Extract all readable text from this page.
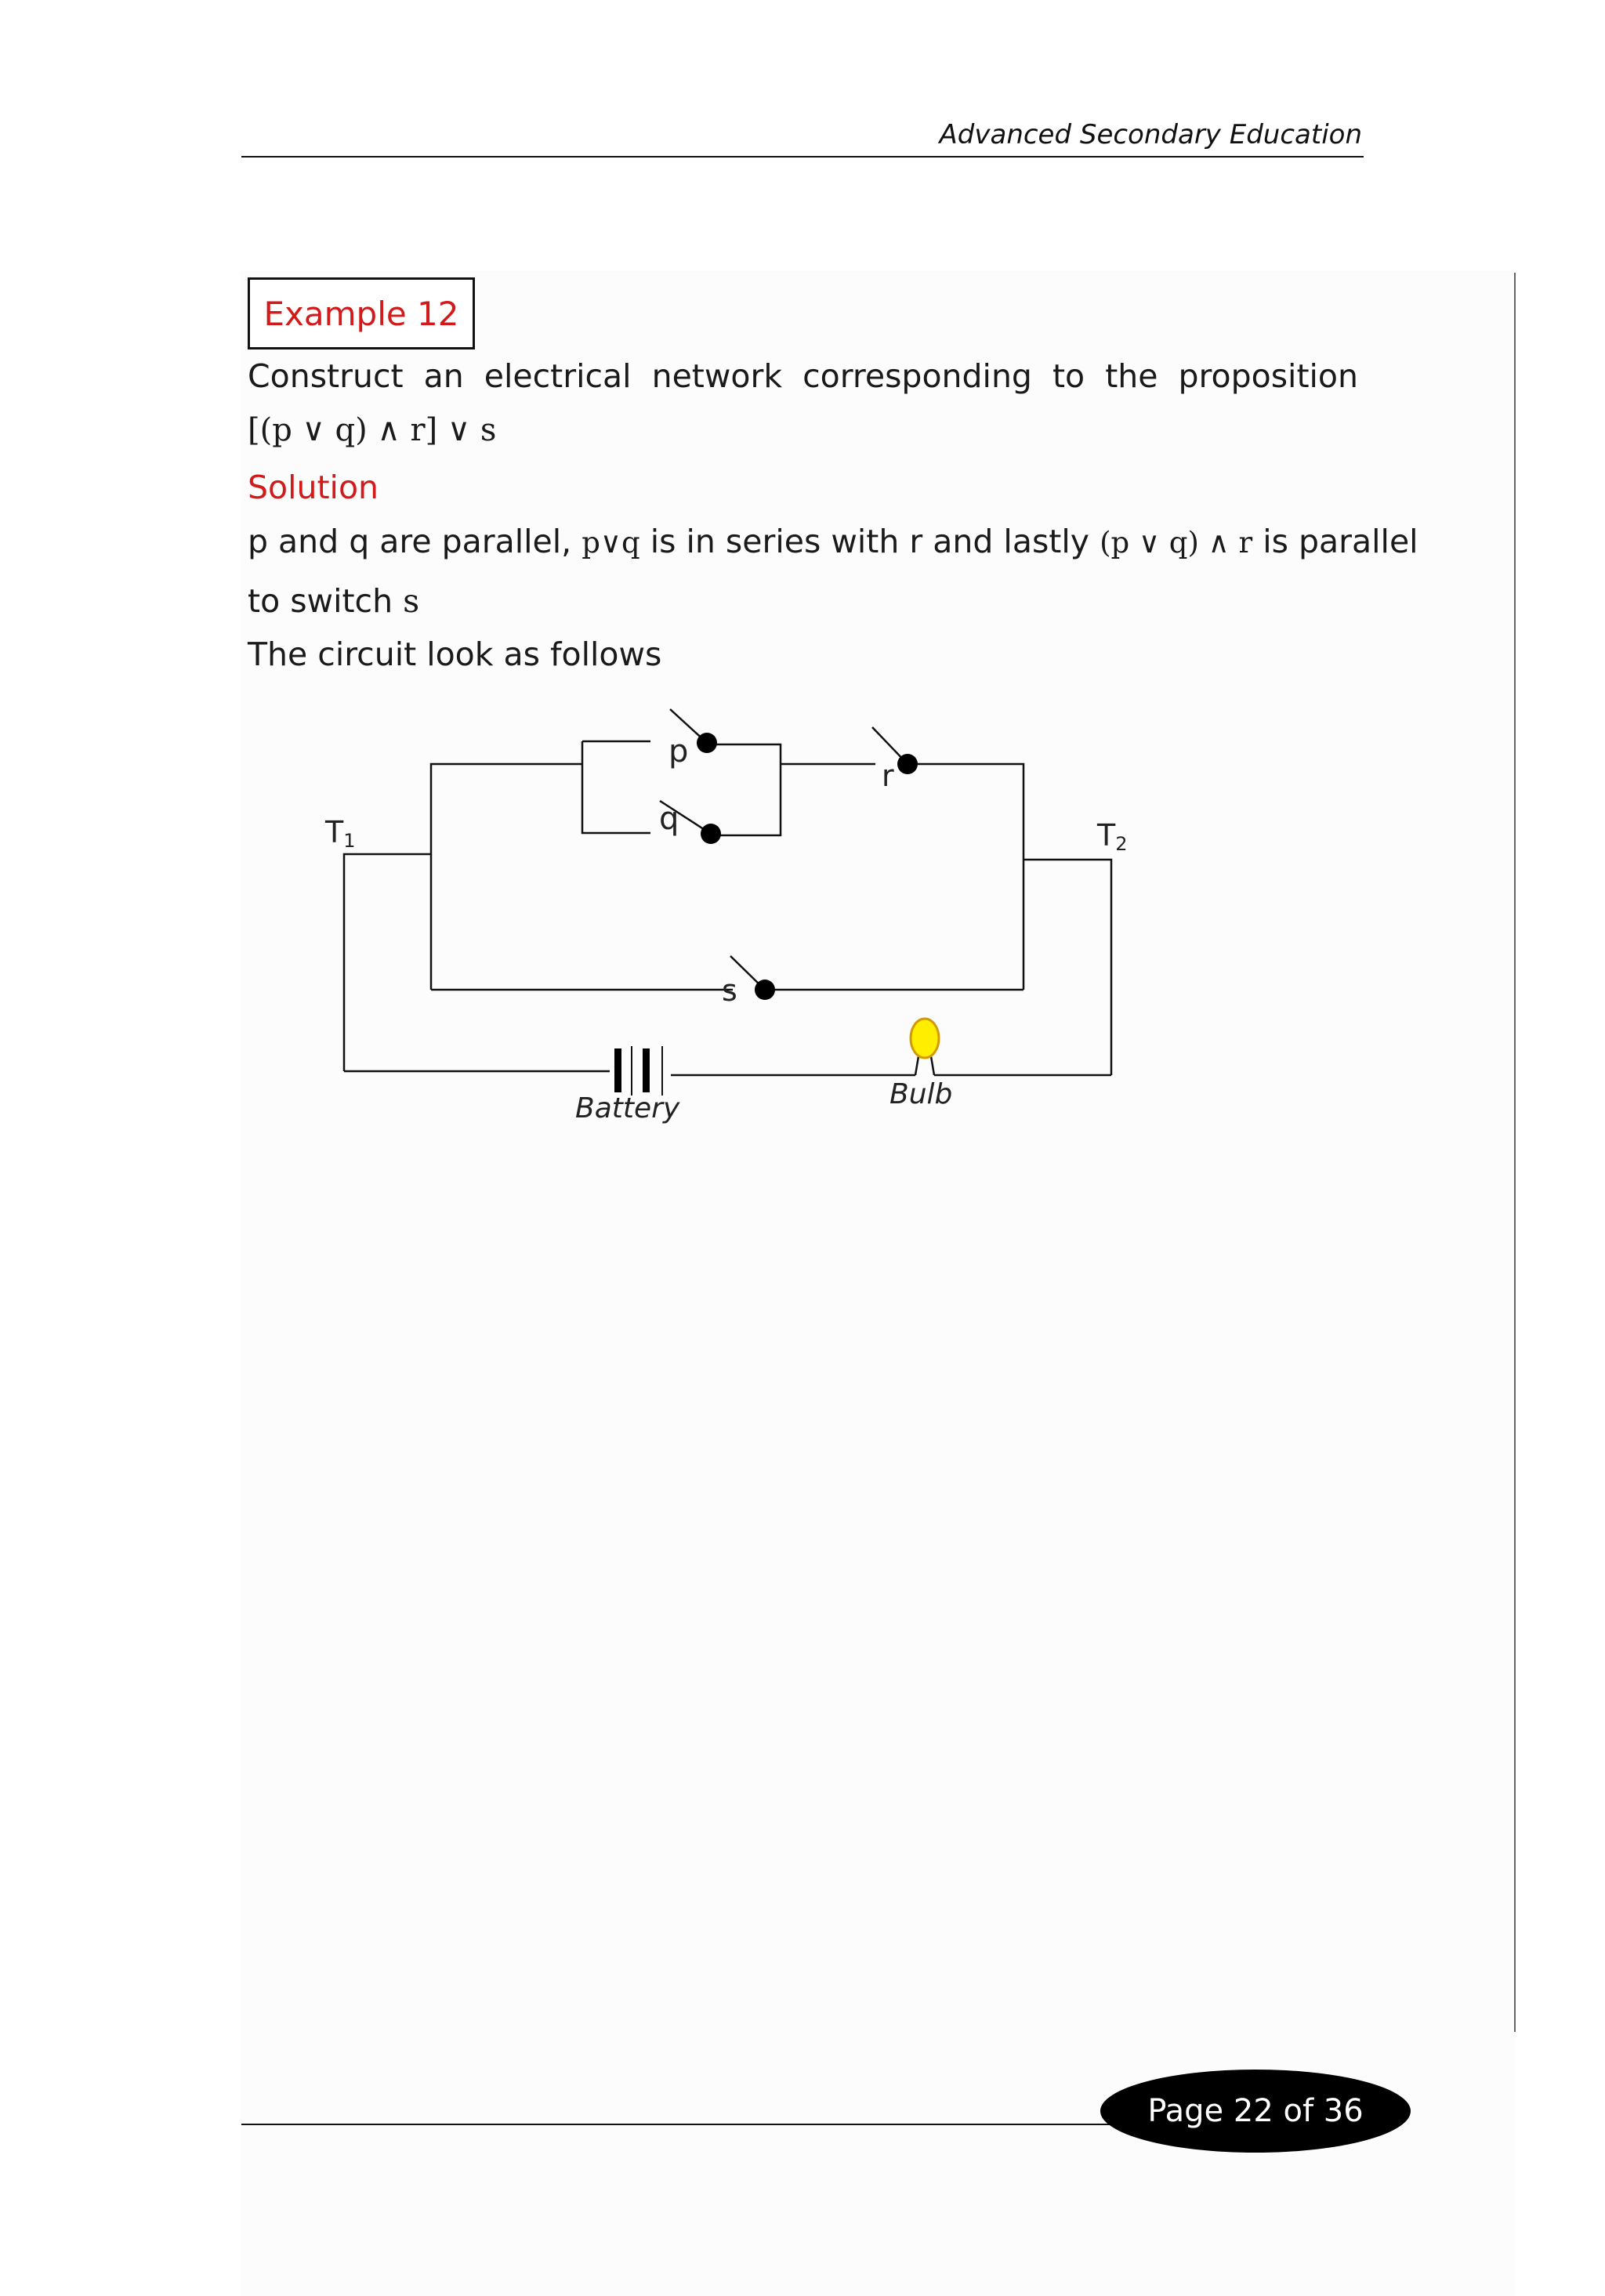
Advanced Secondary Education
Example 12
Construct an electrical network corresponding to the proposition
[(p ∨ q) ∧ r] ∨ s
Solution
p and q are parallel, p∨q is in series with r and lastly (p ∨ q) ∧ r is parallel
to switch s
The circuit look as follows
T1	T2
p
q
r
s
Battery	Bulb
Page 22 of 36
